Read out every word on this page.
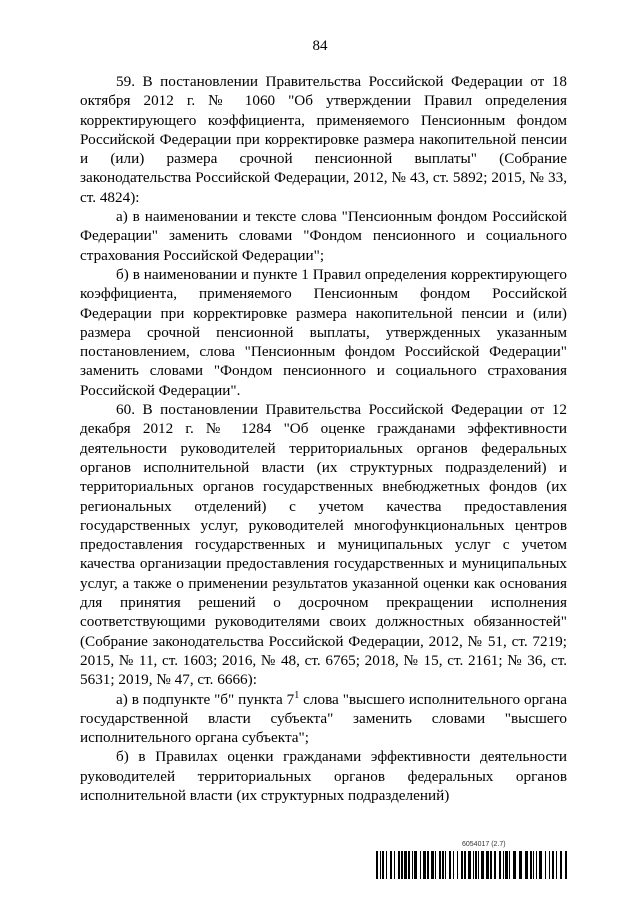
84

59. В постановлении Правительства Российской Федерации от 18 октября 2012 г. № 1060 "Об утверждении Правил определения корректирующего коэффициента, применяемого Пенсионным фондом Российской Федерации при корректировке размера накопительной пенсии и (или) размера срочной пенсионной выплаты" (Собрание законодательства Российской Федерации, 2012, № 43, ст. 5892; 2015, № 33, ст. 4824):

а) в наименовании и тексте слова "Пенсионным фондом Российской Федерации" заменить словами "Фондом пенсионного и социального страхования Российской Федерации";

б) в наименовании и пункте 1 Правил определения корректирующего коэффициента, применяемого Пенсионным фондом Российской Федерации при корректировке размера накопительной пенсии и (или) размера срочной пенсионной выплаты, утвержденных указанным постановлением, слова "Пенсионным фондом Российской Федерации" заменить словами "Фондом пенсионного и социального страхования Российской Федерации".

60. В постановлении Правительства Российской Федерации от 12 декабря 2012 г. № 1284 "Об оценке гражданами эффективности деятельности руководителей территориальных органов федеральных органов исполнительной власти (их структурных подразделений) и территориальных органов государственных внебюджетных фондов (их региональных отделений) с учетом качества предоставления государственных услуг, руководителей многофункциональных центров предоставления государственных и муниципальных услуг с учетом качества организации предоставления государственных и муниципальных услуг, а также о применении результатов указанной оценки как основания для принятия решений о досрочном прекращении исполнения соответствующими руководителями своих должностных обязанностей" (Собрание законодательства Российской Федерации, 2012, № 51, ст. 7219; 2015, № 11, ст. 1603; 2016, № 48, ст. 6765; 2018, № 15, ст. 2161; № 36, ст. 5631; 2019, № 47, ст. 6666):

а) в подпункте "б" пункта $7^1$ слова "высшего исполнительного органа государственной власти субъекта" заменить словами "высшего исполнительного органа субъекта";

б) в Правилах оценки гражданами эффективности деятельности руководителей территориальных органов федеральных органов исполнительной власти (их структурных подразделений)

6054017 (2.7)
